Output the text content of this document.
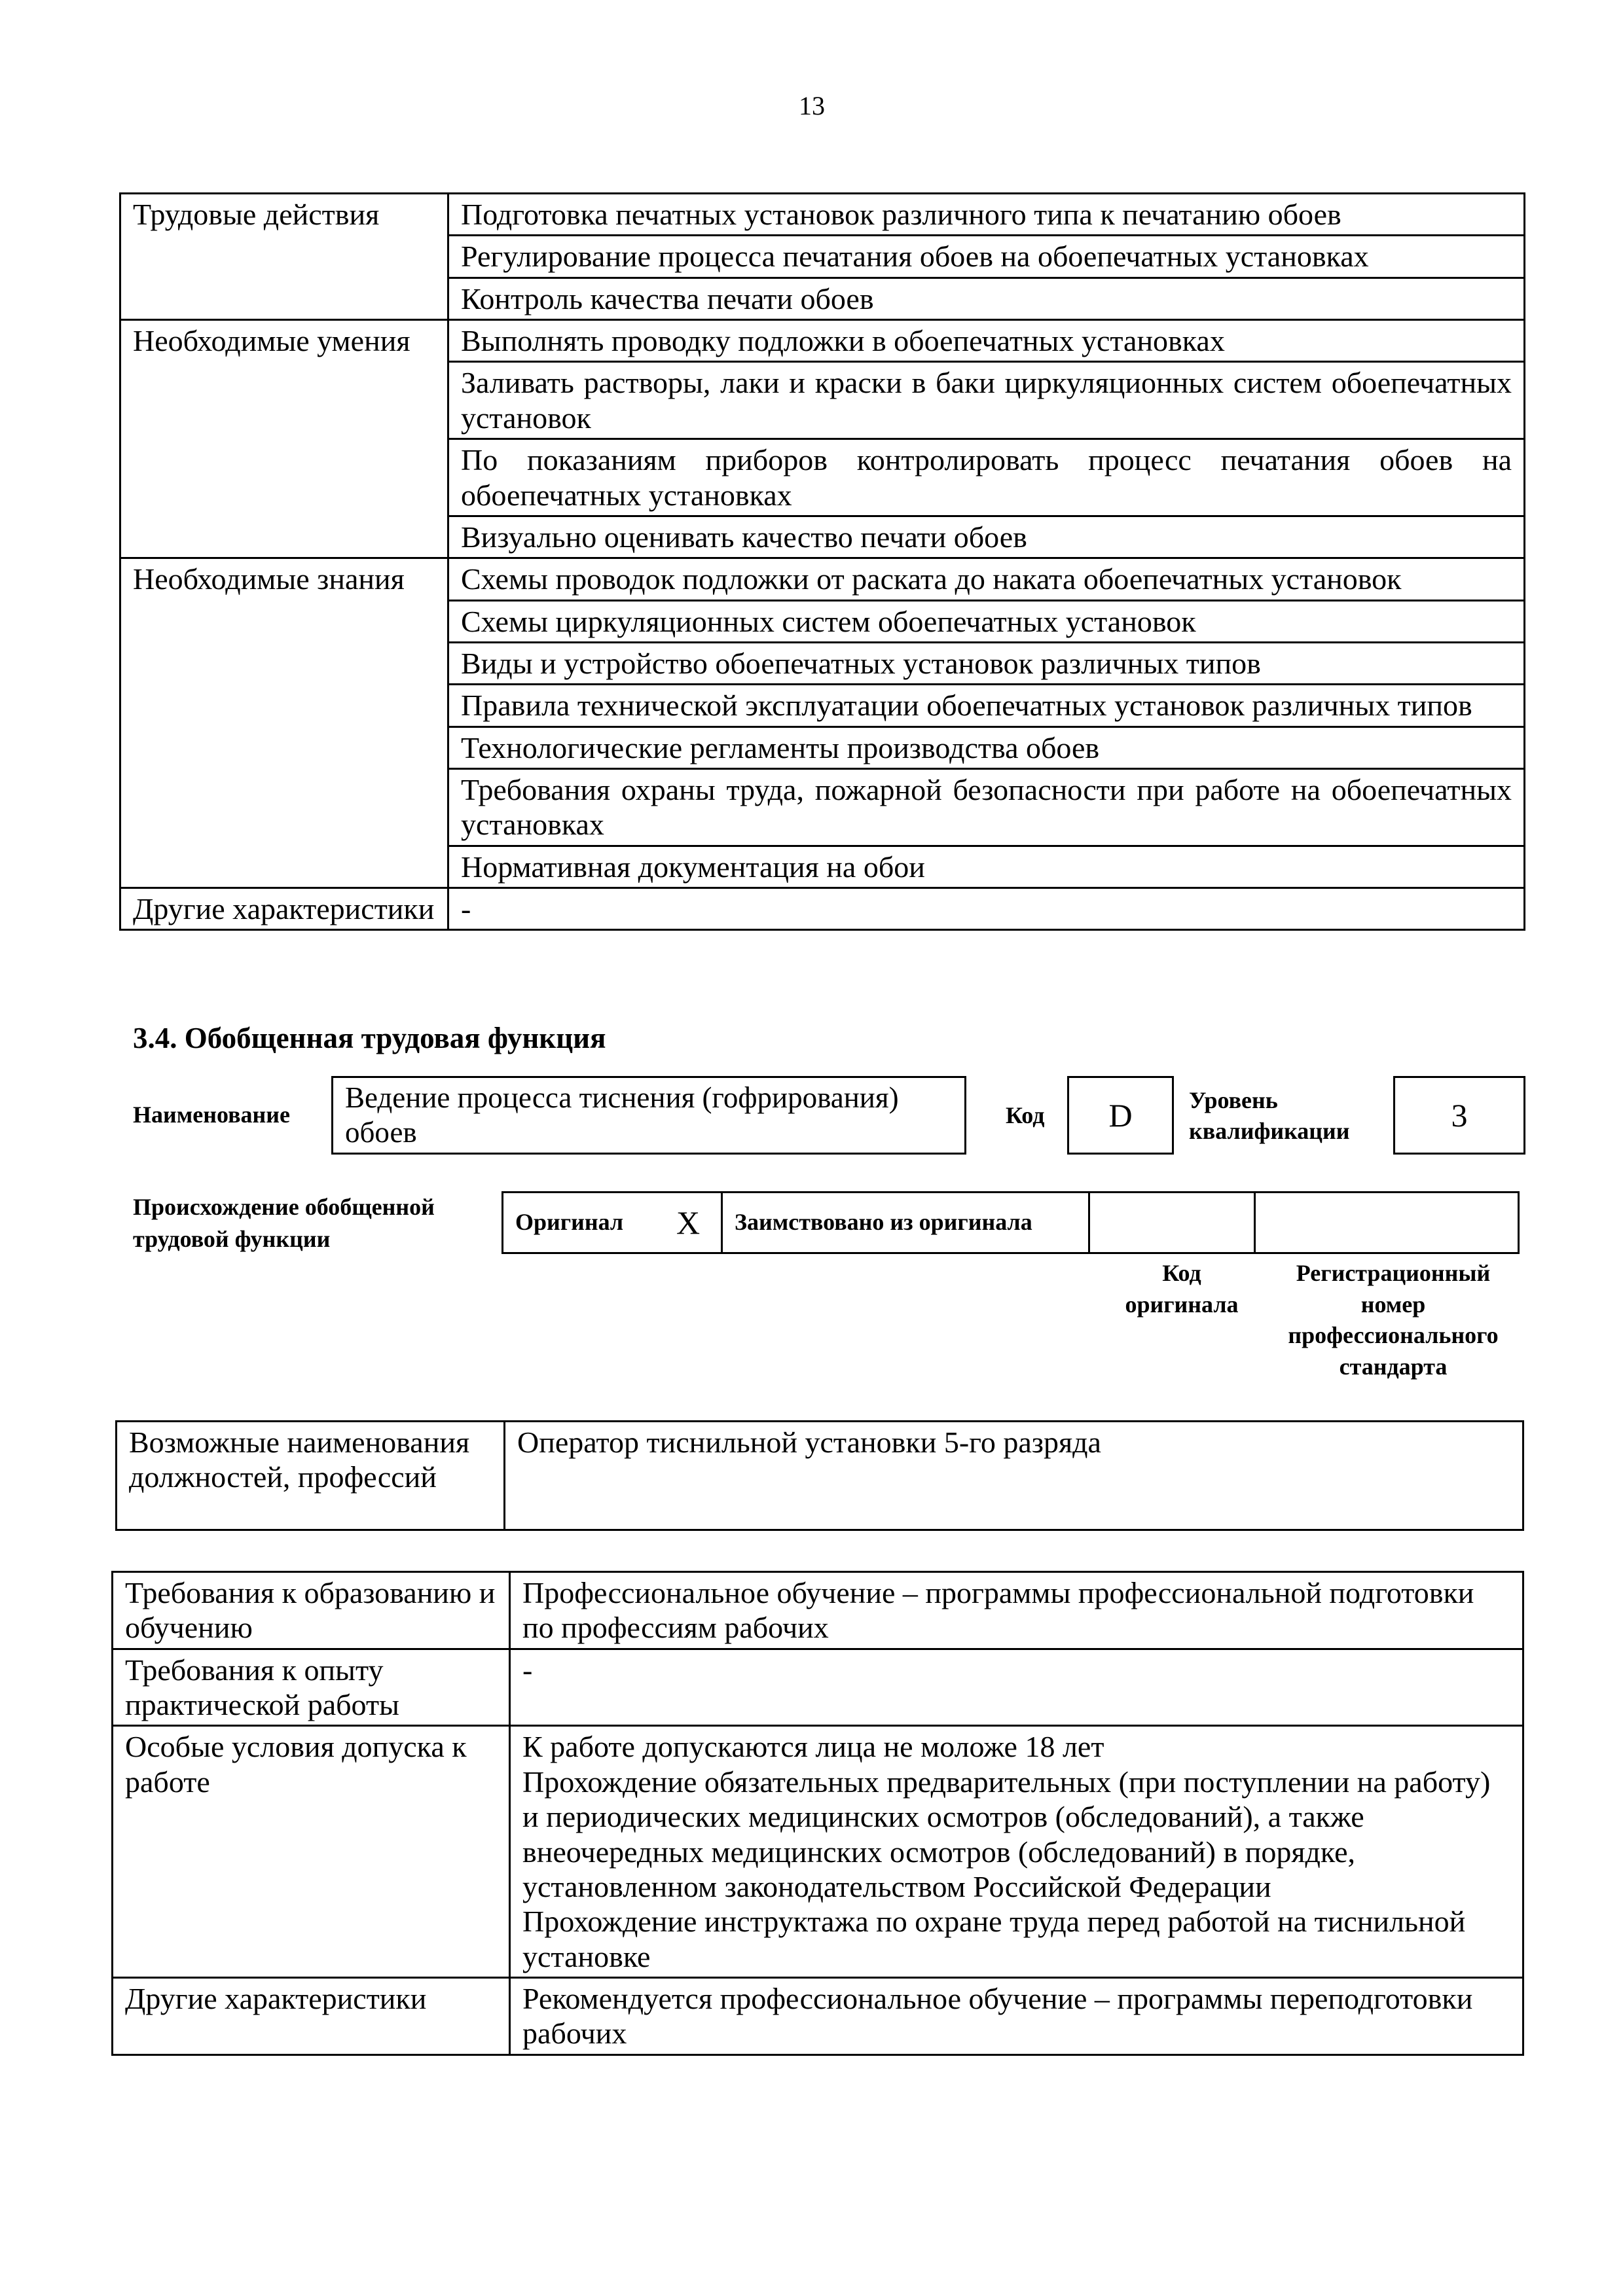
13
Трудовые действия	Подготовка печатных установок различного типа к печатанию обоев
	Регулирование процесса печатания обоев на обоепечатных установках
	Контроль качества печати обоев
Необходимые умения	Выполнять проводку подложки в обоепечатных установках
	Заливать растворы, лаки и краски в баки циркуляционных систем обоепечатных установок
	По показаниям приборов контролировать процесс печатания обоев на обоепечатных установках
	Визуально оценивать качество печати обоев
Необходимые знания	Схемы проводок подложки от раската до наката обоепечатных установок
	Схемы циркуляционных систем обоепечатных установок
	Виды и устройство обоепечатных установок различных типов
	Правила технической эксплуатации обоепечатных установок различных типов
	Технологические регламенты производства обоев
	Требования охраны труда, пожарной безопасности при работе на обоепечатных установках
	Нормативная документация на обои
Другие характеристики	-
3.4. Обобщенная трудовая функция
Наименование
Ведение процесса тиснения (гофрирования) обоев
Код	D	Уровень
квалификации	3
Происхождение обобщенной
трудовой функции
Оригинал	X	Заимствовано из оригинала		
Код
оригинала
Регистрационный
номер
профессионального
стандарта
Возможные наименования должностей, профессий	Оператор тиснильной установки 5-го разряда
Требования к образованию и обучению	Профессиональное обучение – программы профессиональной подготовки по профессиям рабочих
Требования к опыту практической работы	-
Особые условия допуска к работе	К работе допускаются лица не моложе 18 лет
Прохождение обязательных предварительных (при поступлении на работу) и периодических медицинских осмотров (обследований), а также внеочередных медицинских осмотров (обследований) в порядке, установленном законодательством Российской Федерации
Прохождение инструктажа по охране труда перед работой на тиснильной установке

Другие характеристики	Рекомендуется профессиональное обучение – программы переподготовки рабочих
